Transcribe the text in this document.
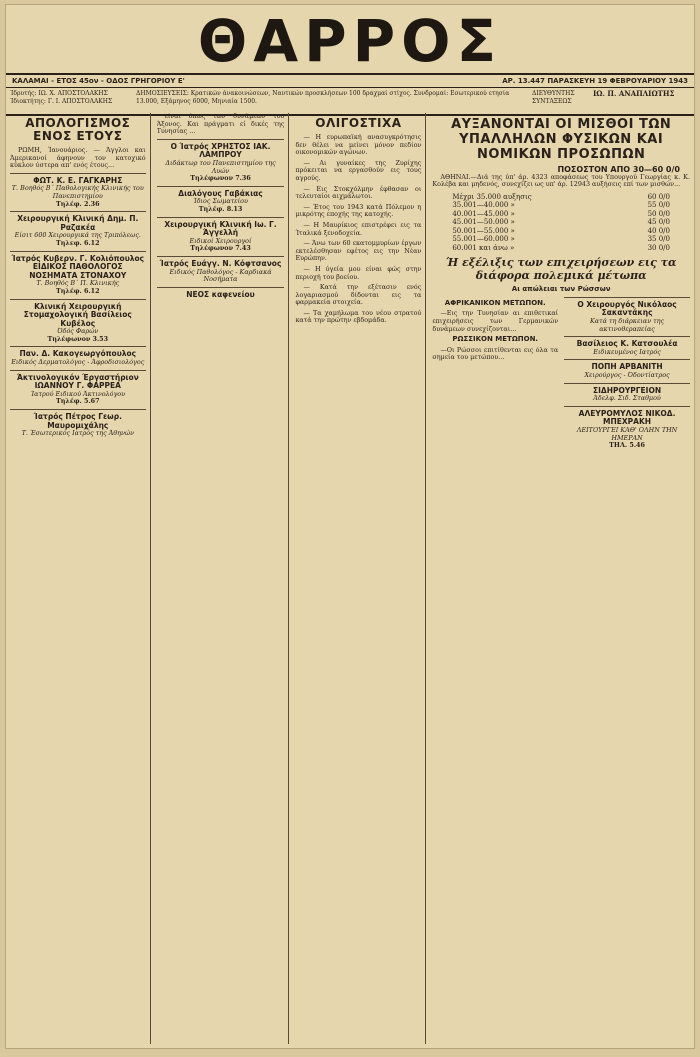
ΘΑΡΡΟΣ
ΚΑΛΑΜΑΙ - ΕΤΟΣ 45ον - ΟΔΟΣ ΓΡΗΓΟΡΙΟΥ Ε'	ΑΡ. 13.447 ΠΑΡΑΣΚΕΥΗ 19 ΦΕΒΡΟΥΑΡΙΟΥ 1943
Ίδρυτής: ΙΩ. Χ. ΑΠΟΣΤΟΛΑΚΗΣ
Ίδιοκτήτης: Γ. Ι. ΑΠΟΣΤΟΛΑΚΗΣ
ΔΗΜΟΣΙΕΥΣΕΙΣ: Κρατικών άνακοινώσεων, Ναυτικών προσκλήσεων 100 δραχμαί στίχος. Συνδρομαί: Εσωτερικού ετησία 13.000, Εξάμηνος 6000, Μηνιαία 1500.
ΔΙΕΥΘΥΝΤΗΣ ΣΥΝΤΑΞΕΩΣ
ΙΩ. Π. ΑΝΑΠΛΙΩΤΗΣ
ΑΠΟΛΟΓΙΣΜΟΣ ΕΝΟΣ ΕΤΟΥΣ

ΡΩΜΗ, Ίανουάριος. — Άγγλοι και Άμερικανοί άφηνουν τον κατοχικό κύκλον ύστερα απ' ενός έτους...

ΦΩΤ. Κ. Ε. ΓΑΓΚΑΡΗΣ
Τ. Βοηθός Β΄ Παθολογικής Κλινικής του Πανεπιστημίου
Τηλέφ. 2.36
Χειρουργική Κλινική Δημ. Π. Ραζακέα
Είσιτ 600 Χειρουργικά της Τριπόλεως.
Τηλεφ. 6.12
Ίατρός Κυβερν. Γ. Κολιόπουλος ΕΙΔΙΚΟΣ ΠΑΘΟΛΟΓΟΣ ΝΟΣΗΜΑΤΑ ΣΤΟΝΑΧΟΥ
Τ. Βοηθός Β΄ Π. Κλινικής
Τηλέφ. 6.12
Κλινική Χειρουργική Στομαχολογική Βασίλειος Κυβέλος
Όδός Φαρών
Τηλέφωνον 3.53
Παν. Δ. Κακογεωργόπουλος
Ειδικός Δερματολόγος - Άφροδισιολόγος
Άκτινολογικόν Έργαστήριον ΙΩΑΝΝΟΥ Γ. ΦΑΡΡΕΑ
Ίατρού Ειδικού Άκτινολόγου
Τηλέφ. 5.67
Ίατρός Πέτρος Γεωρ. Μαυρομιχάλης
Τ. Έσωτερικός Ιατρός της Άθηνών

είναι όπως των δυνάμεων του Άξονος. Και πράγματι εί δικές της Τυνησίας ...

Ο Ίατρός ΧΡΗΣΤΟΣ ΙΑΚ. ΛΑΜΠΡΟΥ
Διδάκτωρ του Πανεπιστημίου της Λυών
Τηλέφωνον 7.36
Διαλόγους Γαβάκιας
Ίδιος Σωματείου
Τηλέφ. 8.13
Χειρουργική Κλινική Ιω. Γ. Άγγελλή
Ειδικοί Χειρουργοί
Τηλέφωνον 7.43
Ίατρός Ευάγγ. Ν. Κόφτσανος
Ειδικός Παθολόγος - Καρδιακά Νοσήματα
ΝΕΟΣ καφενείου
ΟΛΙΓΟΣΤΙΧΑ

— Η ευρωπαϊκή ανασυγκρότησις δεν θέλει να μείνει μόνον πεδίον οικονομικών αγώνων.

— Αι γυναίκες της Ζυρίχης πρόκειται να εργασθούν εις τους αγρούς.

— Εις Στοκχόλμην έφθασαν οι τελευταίοι αιχμάλωτοι.

— Έτος του 1943 κατά Πόλεμον η μικρότης εποχής της κατοχής.

— Η Μαυρίκιος επιστρέφει εις τα Ίταλικά ξενοδοχεία.

— Άνω των 60 εκατομμυρίων έργων εκτελέσθησαν εφέτος εις την Νέαν Ευρώπην.

— Η ύγεία μου είναι φώς στην περιοχή του βοείου.

— Κατά την εξέτασιν ενός λογαριασμού δίδονται εις τα φαρμακεία στοιχεία.

— Τα χαμήλωμα του νέου στρατού κατά την πρώτην εβδομάδα.

ΑΥΞΑΝΟΝΤΑΙ ΟΙ ΜΙΣΘΟΙ ΤΩΝ ΥΠΑΛΛΗΛΩΝ ΦΥΣΙΚΩΝ ΚΑΙ ΝΟΜΙΚΩΝ ΠΡΟΣΩΠΩΝ
ΠΟΣΟΣΤΟΝ ΑΠΟ 30—60 0/0

ΑΘΗΝΑΙ.—Διά της ύπ' άρ. 4323 αποφάσεως του Υπουργού Γεωργίας κ. Κ. Κολέβα και μηδενός, συνεχίζει ως υπ' άρ. 12943 αυξήσεις επί των μισθών...

Μέχρι 35.000 αυξησις	60 0/0
35.001—40.000 »	55 0/0
40.001—45.000 »	50 0/0
45.001—50.000 »	45 0/0
50.001—55.000 »	40 0/0
55.001—60.000 »	35 0/0
60.001 και άνω »	30 0/0
Ή εξέλιξις των επιχειρήσεων εις τα διάφορα πολεμικά μέτωπα
Αι απώλειαι των Ρώσσων
ΑΦΡΙΚΑΝΙΚΟΝ ΜΕΤΩΠΟΝ.

—Εις την Τυνησίαν αι επιθετικαί επιχειρήσεις των Γερμανικών δυνάμεων συνεχίζονται...

ΡΩΣΣΙΚΟΝ ΜΕΤΩΠΟΝ.

—Οι Ρώσσοι επιτίθενται εις όλα τα σημεία του μετώπου...

Ο Χειρουργός Νικόλαος Σακαντάκης
Κατά τη διάρκειαν της ακτινοθεραπείας
Βασίλειος Κ. Κατσουλέα
Ειδικευμένος Ιατρός
ΠΟΠΗ ΑΡΒΑΝΙΤΗ
Χειρούργος - Όδοντίατρος
ΣΙΔΗΡΟΥΡΓΕΙΟΝ
Άδελφ. Σιδ. Σταθμού
ΑΛΕΥΡΟΜΥΛΟΣ ΝΙΚΟΔ. ΜΠΕΧΡΑΚΗ
ΛΕΙΤΟΥΡΓΕΙ ΚΑΘ' ΟΛΗΝ ΤΗΝ ΗΜΕΡΑΝ
ΤΗΛ. 5.46
